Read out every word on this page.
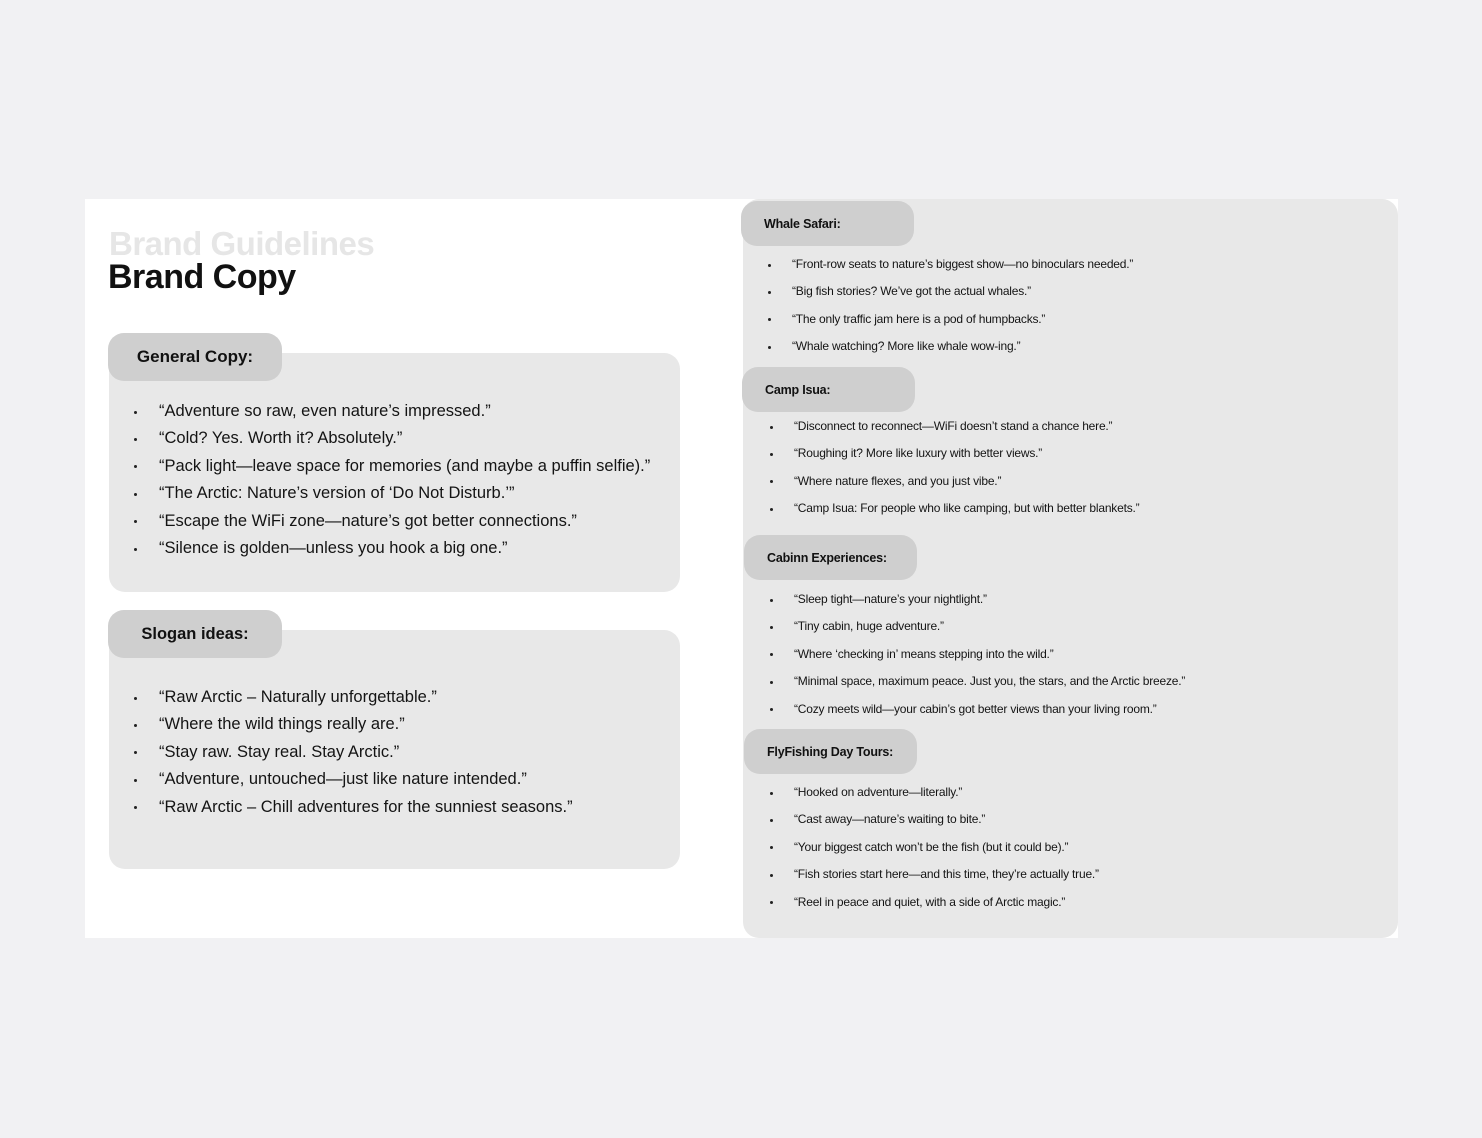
Brand Guidelines
Brand Copy
General Copy:
“Adventure so raw, even nature’s impressed.”
“Cold? Yes. Worth it? Absolutely.”
“Pack light—leave space for memories (and maybe a puffin selfie).”
“The Arctic: Nature’s version of ‘Do Not Disturb.’”
“Escape the WiFi zone—nature’s got better connections.”
“Silence is golden—unless you hook a big one.”
Slogan ideas:
“Raw Arctic – Naturally unforgettable.”
“Where the wild things really are.”
“Stay raw. Stay real. Stay Arctic.”
“Adventure, untouched—just like nature intended.”
“Raw Arctic – Chill adventures for the sunniest seasons.”
Whale Safari:
“Front-row seats to nature’s biggest show—no binoculars needed.”
“Big fish stories? We’ve got the actual whales.”
“The only traffic jam here is a pod of humpbacks.”
“Whale watching? More like whale wow-ing.”
Camp Isua:
“Disconnect to reconnect—WiFi doesn’t stand a chance here.”
“Roughing it? More like luxury with better views.”
“Where nature flexes, and you just vibe.”
“Camp Isua: For people who like camping, but with better blankets.”
Cabinn Experiences:
“Sleep tight—nature’s your nightlight.”
“Tiny cabin, huge adventure.”
“Where ‘checking in’ means stepping into the wild.”
“Minimal space, maximum peace. Just you, the stars, and the Arctic breeze.”
“Cozy meets wild—your cabin’s got better views than your living room.”
FlyFishing Day Tours:
“Hooked on adventure—literally.”
“Cast away—nature’s waiting to bite.”
“Your biggest catch won’t be the fish (but it could be).”
“Fish stories start here—and this time, they’re actually true.”
“Reel in peace and quiet, with a side of Arctic magic.”
